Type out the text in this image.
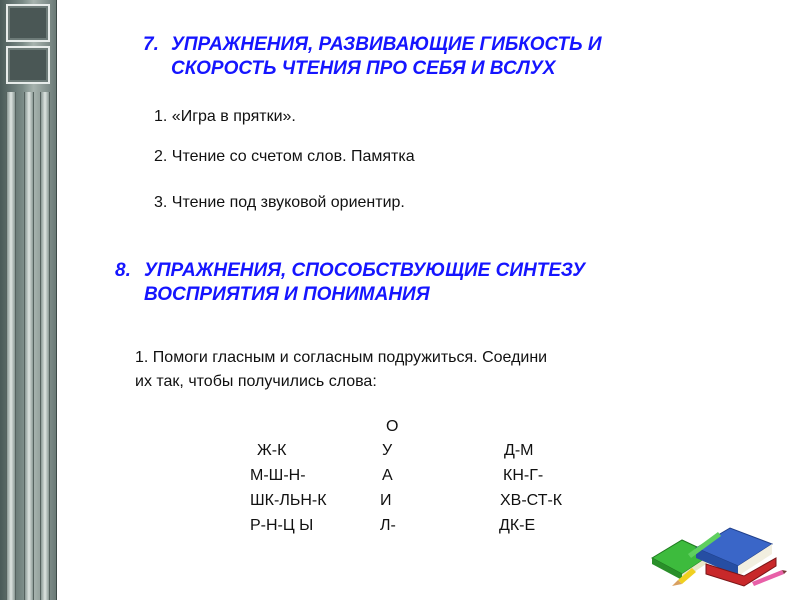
7. УПРАЖНЕНИЯ, РАЗВИВАЮЩИЕ ГИБКОСТЬ И
СКОРОСТЬ ЧТЕНИЯ ПРО СЕБЯ И ВСЛУХ

1. «Игра в прятки».

2. Чтение со счетом слов. Памятка

3. Чтение под звуковой ориентир.

8. УПРАЖНЕНИЯ, СПОСОБСТВУЮЩИЕ СИНТЕЗУ
ВОСПРИЯТИЯ И ПОНИМАНИЯ

1. Помоги гласным и согласным подружиться. Соедини
их так, чтобы получились слова:

О
Ж-К	У	Д-М
М-Ш-Н-	А	КН-Г-
ШК-ЛЬН-К	И	ХВ-СТ-К
Р-Н-Ц Ы	Л-	ДК-Е
